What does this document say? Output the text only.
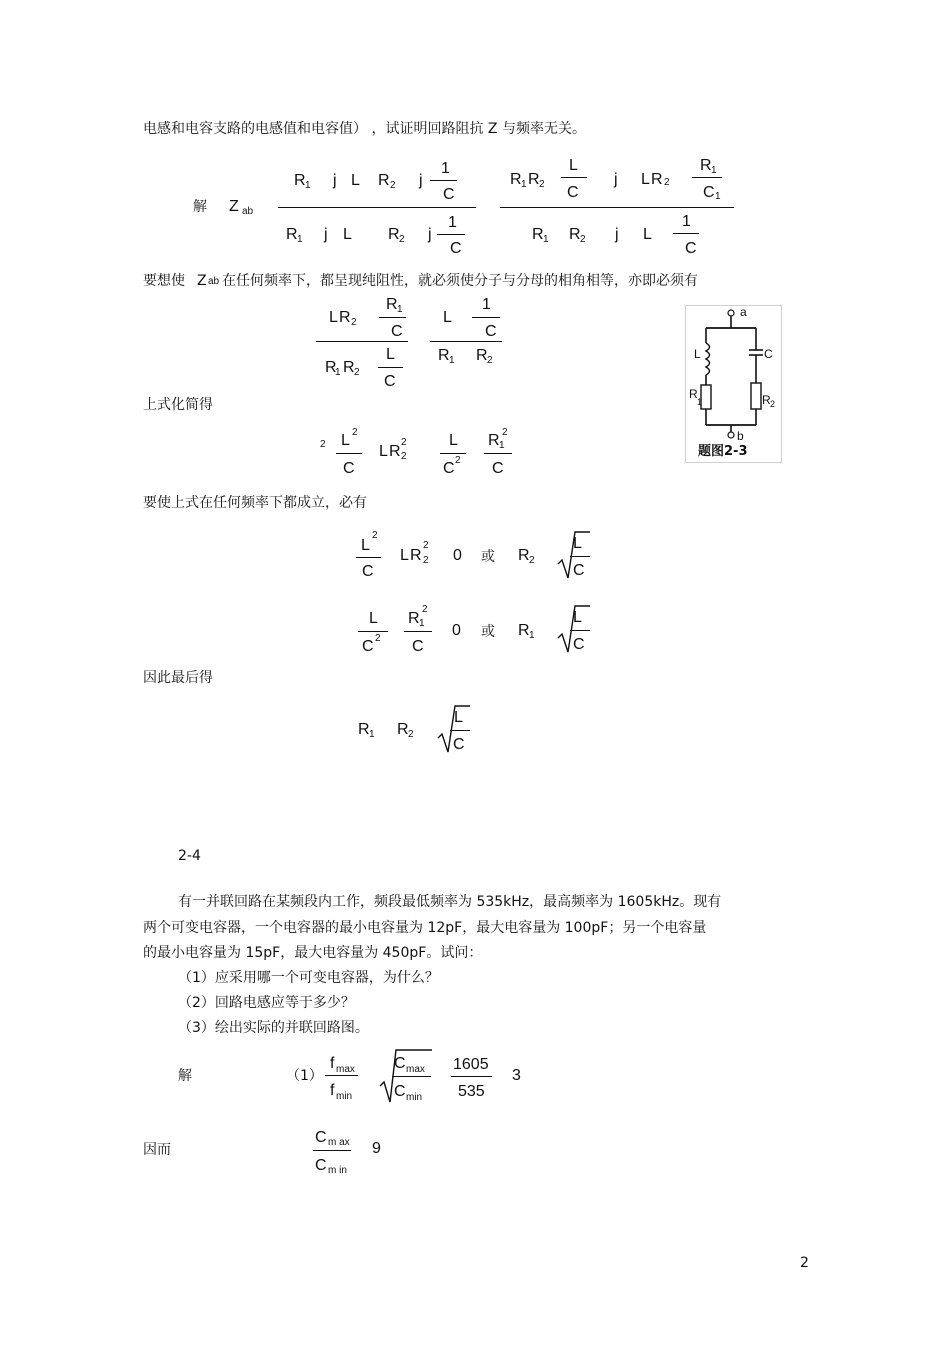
电感和电容支路的电感值和电容值） ，试证明回路阻抗 Z 与频率无关。
解 Z ab
R 1 j L R 2 j
1
C
R 1 j L R 2 j
1
C
R 1 R 2
L
C
j L R 2
R 1
C 1
R 1 R 2 j L
1
C
要想使 Z ab 在任何频率下，都呈现纯阻性，就必须使分子与分母的相角相等，亦即必须有
L R 2
R 1
C
R
1 R 2
L
C
L
1
C
R 1 R 2
a
L	C
R
1	R 2
b
题图2-3
上式化简得
2 L 2
C
L R
2
2
L
C 2
R 1
2
C
要使上式在任何频率下都成立，必有
L
2
C
L R
2
2 0 或 R 2
L
C
L
C 2
R 1
2
C
0 或 R 1
L
C
因此最后得
R 1 R 2
L
C
2-4
有一并联回路在某频段内工作，频段最低频率为 535kHz，最高频率为 1605kHz。现有
两个可变电容器，一个电容器的最小电容量为 12pF，最大电容量为 100pF；另一个电容量
的最小电容量为 15pF，最大电容量为 450pF。试问：
（1）应采用哪一个可变电容器，为什么？
（2）回路电感应等于多少？
（3）绘出实际的并联回路图。
解	（1）
f max
f min
C max
C min
1605
535
3
因而
C m ax
C m in
9
2
